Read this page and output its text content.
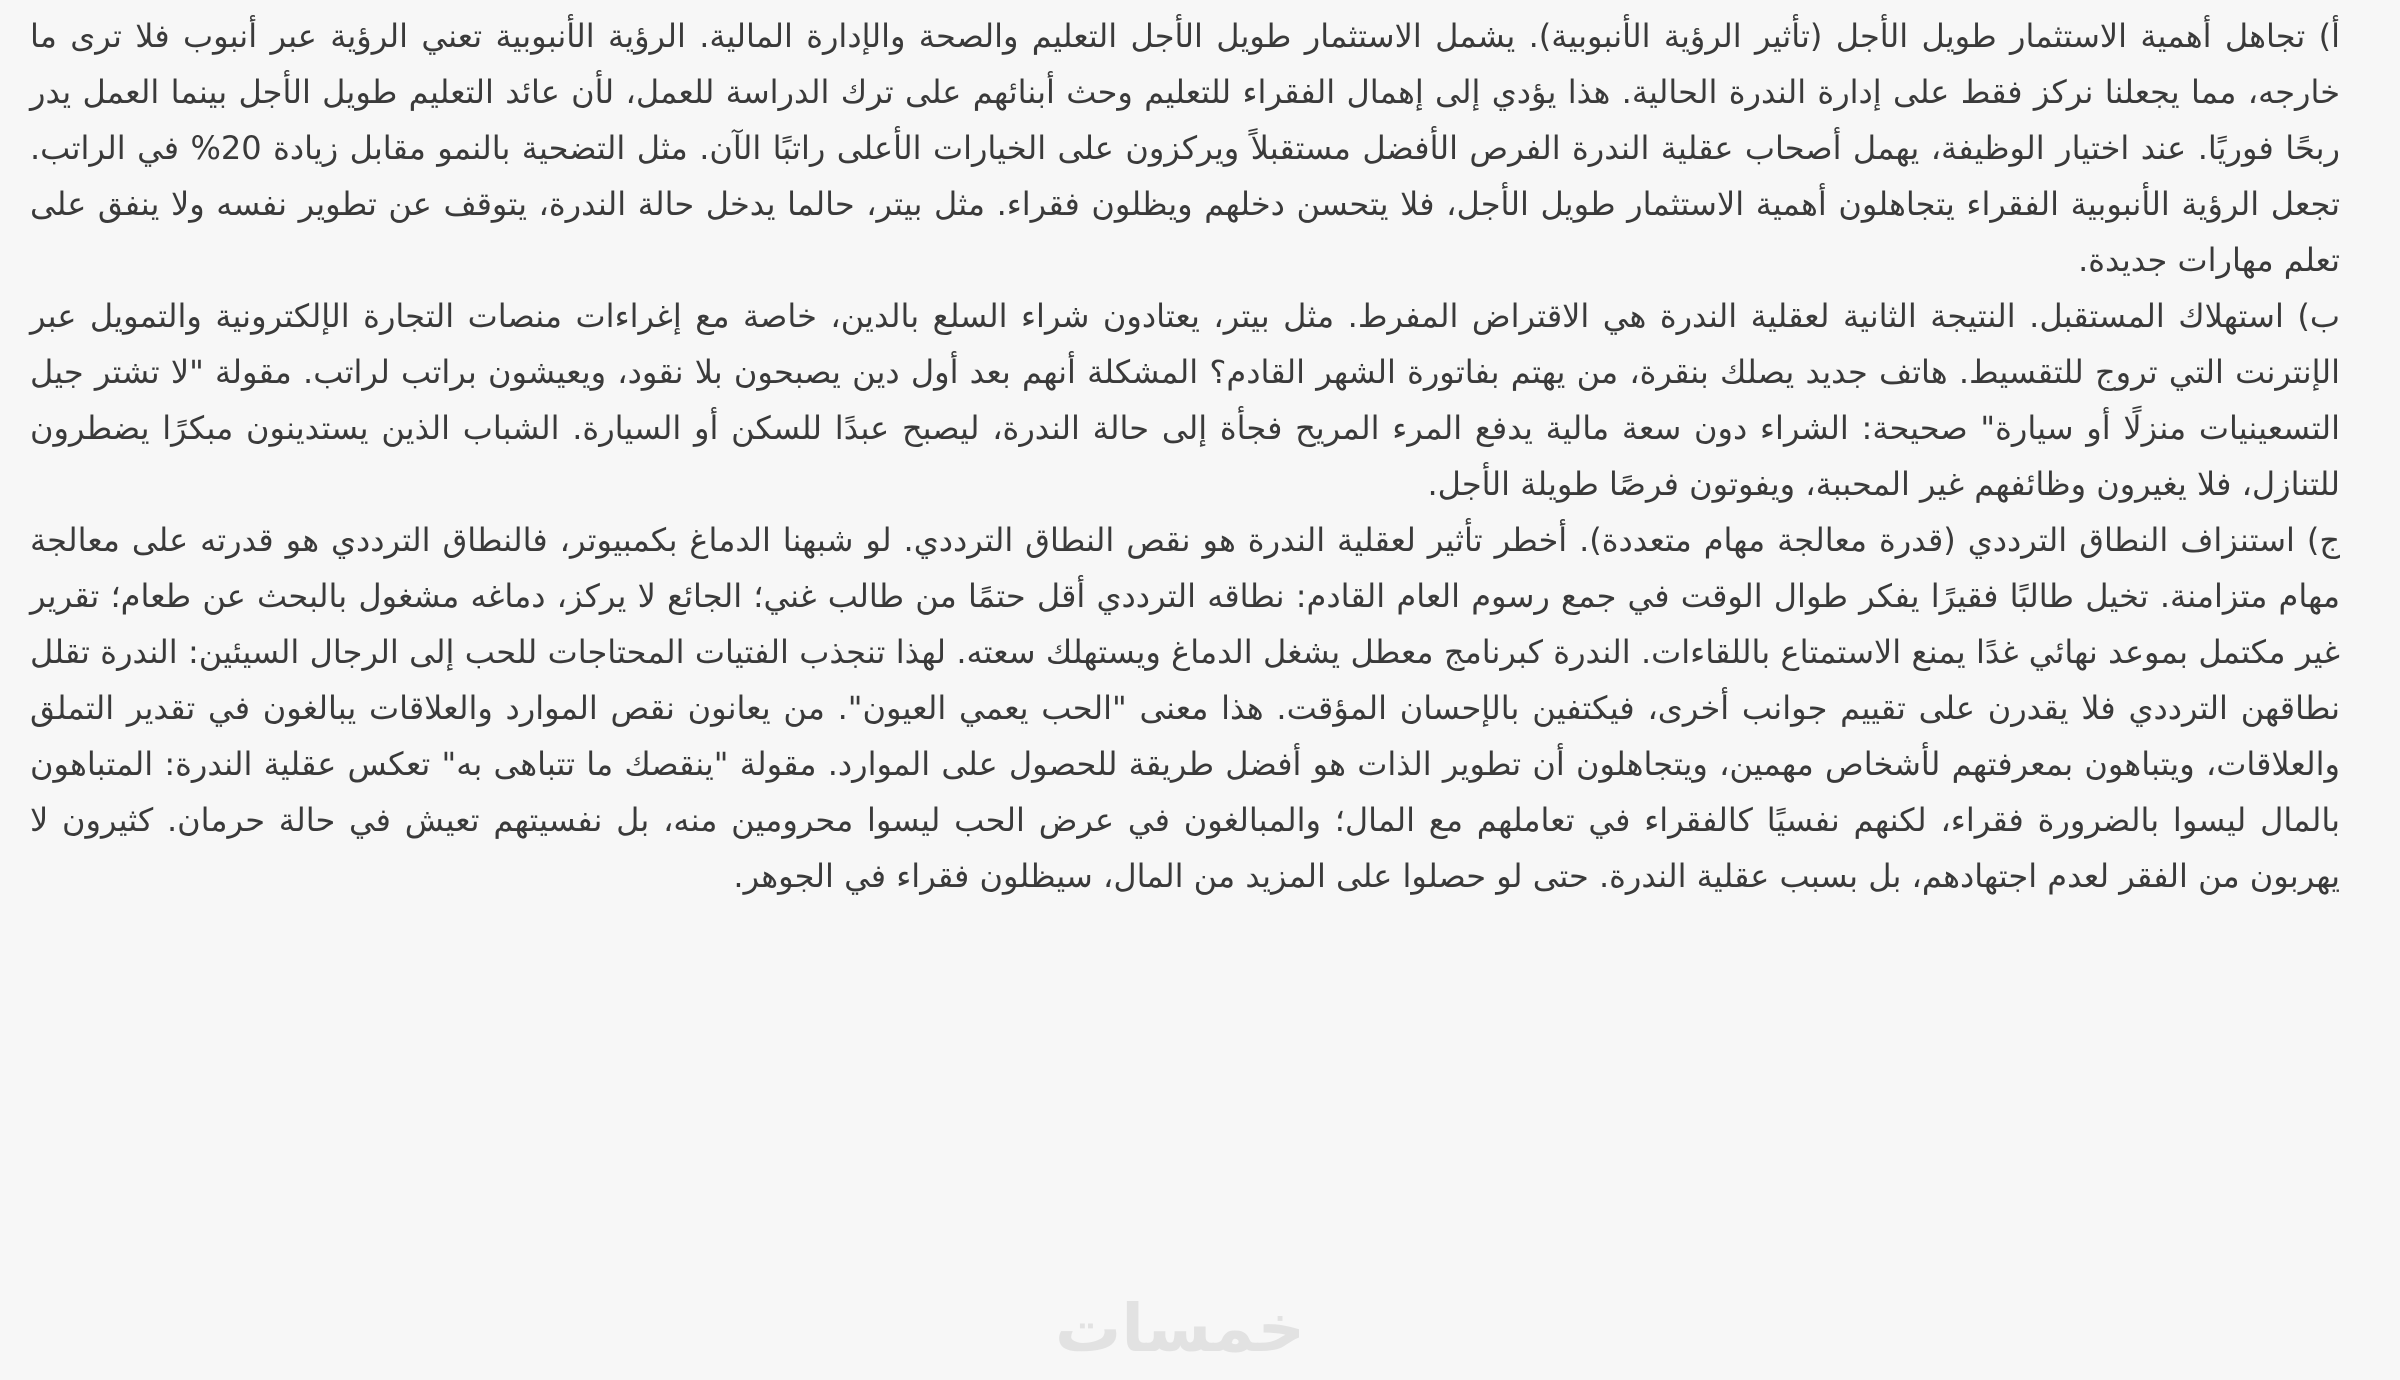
أ) تجاهل أهمية الاستثمار طويل الأجل (تأثير الرؤية الأنبوبية). يشمل الاستثمار طويل الأجل التعليم والصحة والإدارة المالية. الرؤية الأنبوبية تعني الرؤية عبر أنبوب فلا ترى ما خارجه، مما يجعلنا نركز فقط على إدارة الندرة الحالية. هذا يؤدي إلى إهمال الفقراء للتعليم وحث أبنائهم على ترك الدراسة للعمل، لأن عائد التعليم طويل الأجل بينما العمل يدر ربحًا فوريًا. عند اختيار الوظيفة، يهمل أصحاب عقلية الندرة الفرص الأفضل مستقبلاً ويركزون على الخيارات الأعلى راتبًا الآن. مثل التضحية بالنمو مقابل زيادة 20% في الراتب. تجعل الرؤية الأنبوبية الفقراء يتجاهلون أهمية الاستثمار طويل الأجل، فلا يتحسن دخلهم ويظلون فقراء. مثل بيتر، حالما يدخل حالة الندرة، يتوقف عن تطوير نفسه ولا ينفق على تعلم مهارات جديدة.

ب) استهلاك المستقبل. النتيجة الثانية لعقلية الندرة هي الاقتراض المفرط. مثل بيتر، يعتادون شراء السلع بالدين، خاصة مع إغراءات منصات التجارة الإلكترونية والتمويل عبر الإنترنت التي تروج للتقسيط. هاتف جديد يصلك بنقرة، من يهتم بفاتورة الشهر القادم؟ المشكلة أنهم بعد أول دين يصبحون بلا نقود، ويعيشون براتب لراتب. مقولة "لا تشتر جيل التسعينيات منزلًا أو سيارة" صحيحة: الشراء دون سعة مالية يدفع المرء المريح فجأة إلى حالة الندرة، ليصبح عبدًا للسكن أو السيارة. الشباب الذين يستدينون مبكرًا يضطرون للتنازل، فلا يغيرون وظائفهم غير المحببة، ويفوتون فرصًا طويلة الأجل.

ج) استنزاف النطاق الترددي (قدرة معالجة مهام متعددة). أخطر تأثير لعقلية الندرة هو نقص النطاق الترددي. لو شبهنا الدماغ بكمبيوتر، فالنطاق الترددي هو قدرته على معالجة مهام متزامنة. تخيل طالبًا فقيرًا يفكر طوال الوقت في جمع رسوم العام القادم: نطاقه الترددي أقل حتمًا من طالب غني؛ الجائع لا يركز، دماغه مشغول بالبحث عن طعام؛ تقرير غير مكتمل بموعد نهائي غدًا يمنع الاستمتاع باللقاءات. الندرة كبرنامج معطل يشغل الدماغ ويستهلك سعته. لهذا تنجذب الفتيات المحتاجات للحب إلى الرجال السيئين: الندرة تقلل نطاقهن الترددي فلا يقدرن على تقييم جوانب أخرى، فيكتفين بالإحسان المؤقت. هذا معنى "الحب يعمي العيون". من يعانون نقص الموارد والعلاقات يبالغون في تقدير التملق والعلاقات، ويتباهون بمعرفتهم لأشخاص مهمين، ويتجاهلون أن تطوير الذات هو أفضل طريقة للحصول على الموارد. مقولة "ينقصك ما تتباهى به" تعكس عقلية الندرة: المتباهون بالمال ليسوا بالضرورة فقراء، لكنهم نفسيًا كالفقراء في تعاملهم مع المال؛ والمبالغون في عرض الحب ليسوا محرومين منه، بل نفسيتهم تعيش في حالة حرمان. كثيرون لا يهربون من الفقر لعدم اجتهادهم، بل بسبب عقلية الندرة. حتى لو حصلوا على المزيد من المال، سيظلون فقراء في الجوهر.

خمسات
